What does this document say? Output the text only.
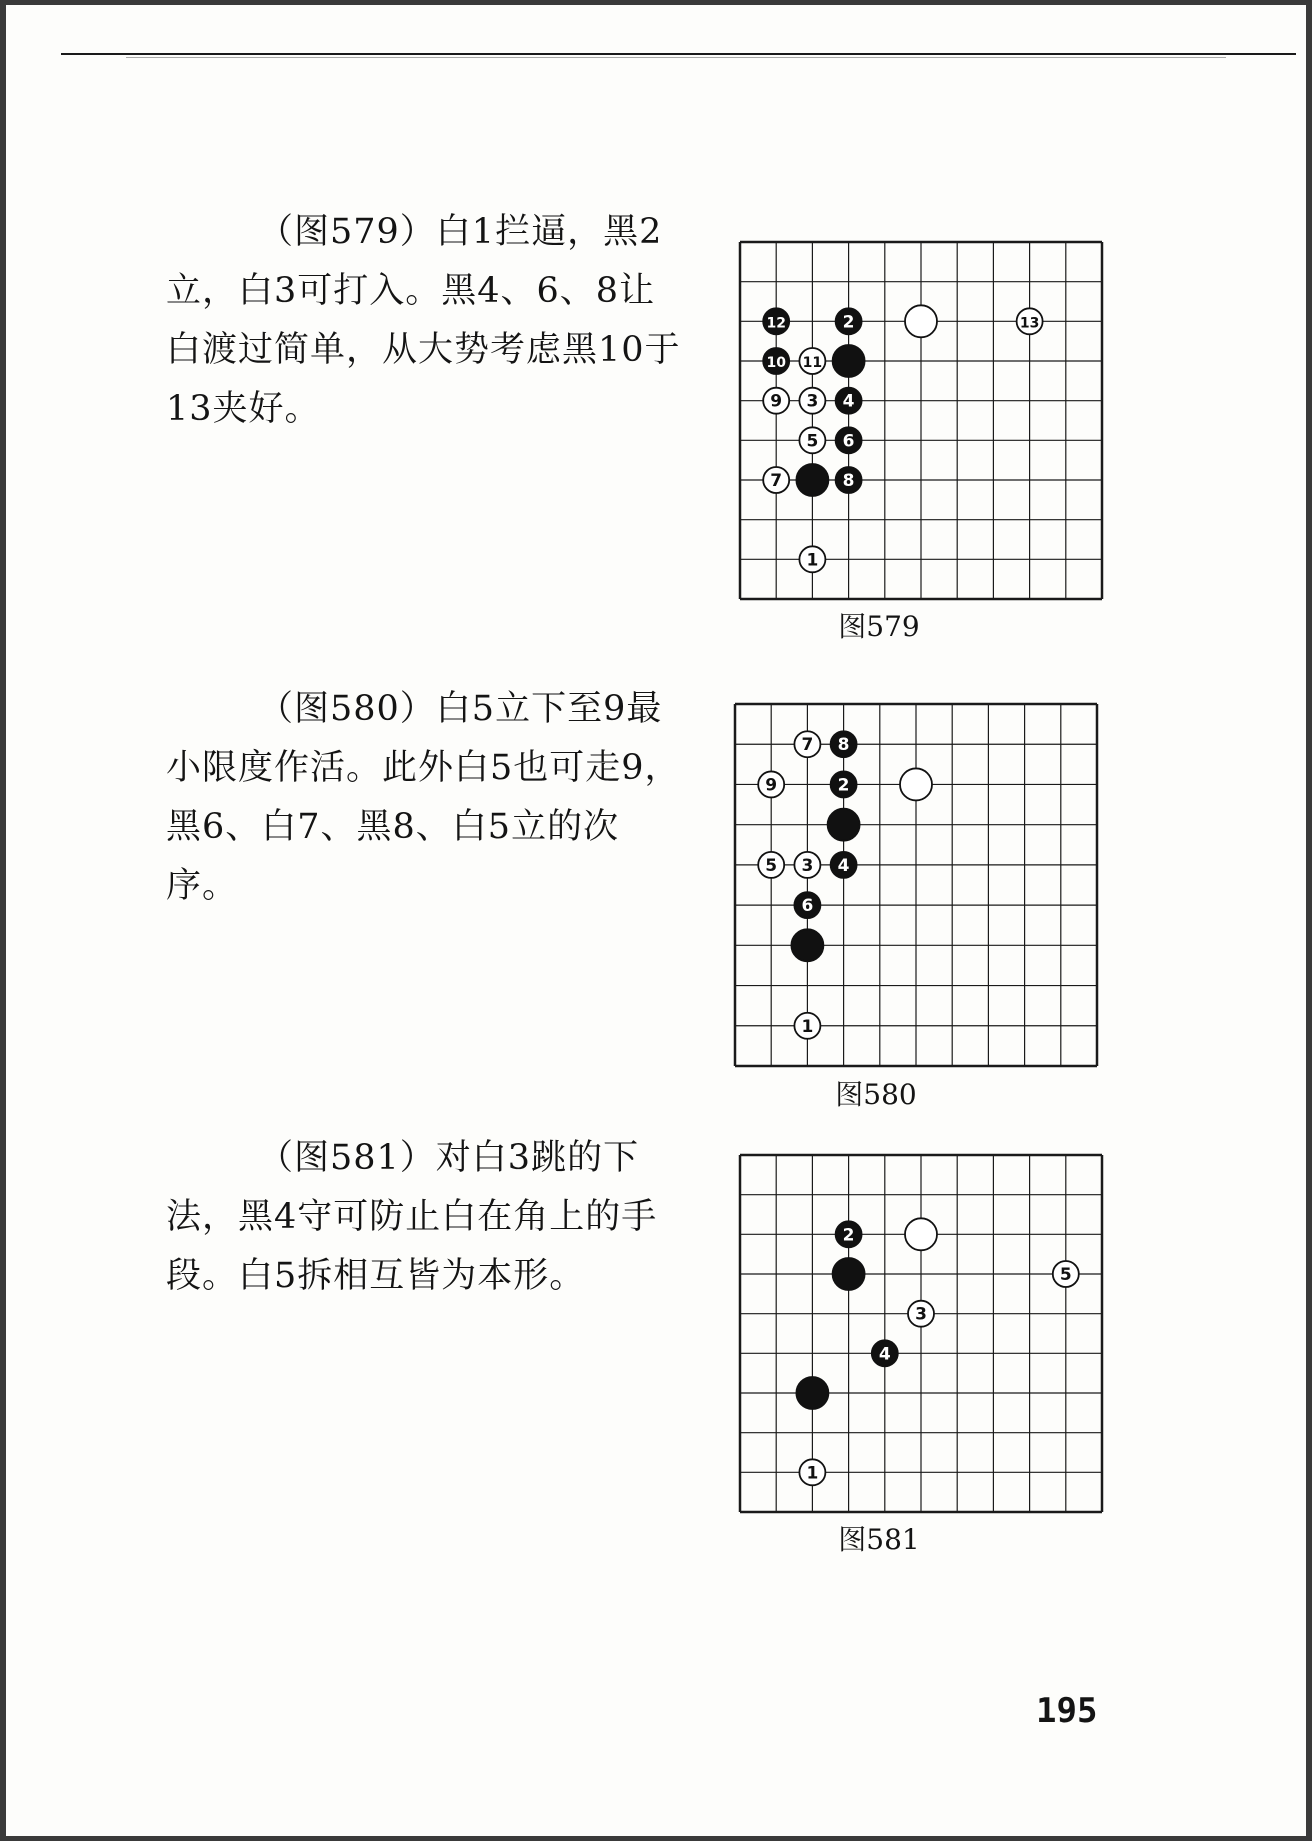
（图579）白1拦逼，黑2立，白3可打入。黑4、6、8让白渡过简单，从大势考虑黑10于13夹好。

12	2	13
10 11
9 3 4
5 6
7	8
1
图579

（图580）白5立下至9最小限度作活。此外白5也可走9，黑6、白7、黑8、白5立的次序。

7 8
9	2
5 3 4
6
1
图580

（图581）对白3跳的下法，黑4守可防止白在角上的手段。白5拆相互皆为本形。

2
5
3
4
1
图581
195
